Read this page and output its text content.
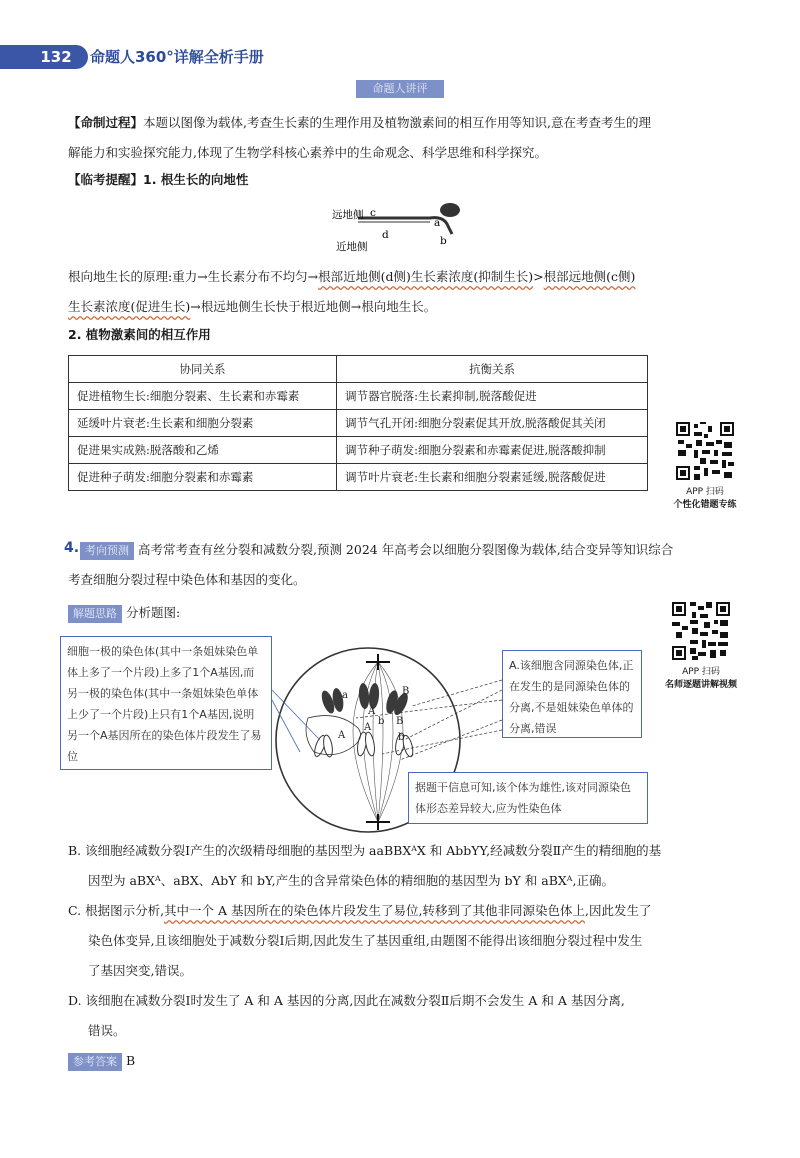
132	命题人360°详解全析手册
命题人讲评
【命制过程】本题以图像为载体,考查生长素的生理作用及植物激素间的相互作用等知识,意在考查考生的理
解能力和实验探究能力,体现了生物学科核心素养中的生命观念、科学思维和科学探究。
【临考提醒】1. 根生长的向地性
远地侧 c
近地侧
d
a
b
根向地生长的原理:重力→生长素分布不均匀→根部近地侧(d侧)生长素浓度(抑制生长)>根部远地侧(c侧)
生长素浓度(促进生长)→根远地侧生长快于根近地侧→根向地生长。
2. 植物激素间的相互作用
协同关系	抗衡关系
促进植物生长:细胞分裂素、生长素和赤霉素	调节器官脱落:生长素抑制,脱落酸促进
延缓叶片衰老:生长素和细胞分裂素	调节气孔开闭:细胞分裂素促其开放,脱落酸促其关闭
促进果实成熟:脱落酸和乙烯	调节种子萌发:细胞分裂素和赤霉素促进,脱落酸抑制
促进种子萌发:细胞分裂素和赤霉素	调节叶片衰老:生长素和细胞分裂素延缓,脱落酸促进
APP 扫码
个性化错题专练
4. 考向预测 高考常考查有丝分裂和减数分裂,预测 2024 年高考会以细胞分裂图像为载体,结合变异等知识综合
考查细胞分裂过程中染色体和基因的变化。
解题思路 分析题图:
APP 扫码
名师逐题讲解视频
a
A
B
B
b
b
A
A
细胞一极的染色体(其中一条姐妹染色单体上多了一个片段)上多了1个A基因,而另一极的染色体(其中一条姐妹染色单体上少了一个片段)上只有1个A基因,说明另一个A基因所在的染色体片段发生了易位
A.该细胞含同源染色体,正在发生的是同源染色体的分离,不是姐妹染色单体的分离,错误
据题干信息可知,该个体为雄性,该对同源染色体形态差异较大,应为性染色体
B. 该细胞经减数分裂Ⅰ产生的次级精母细胞的基因型为 aaBBXᴬX 和 AbbYY,经减数分裂Ⅱ产生的精细胞的基
因型为 aBXᴬ、aBX、AbY 和 bY,产生的含异常染色体的精细胞的基因型为 bY 和 aBXᴬ,正确。
C. 根据图示分析,其中一个 A 基因所在的染色体片段发生了易位,转移到了其他非同源染色体上,因此发生了
染色体变异,且该细胞处于减数分裂Ⅰ后期,因此发生了基因重组,由题图不能得出该细胞分裂过程中发生
了基因突变,错误。
D. 该细胞在减数分裂Ⅰ时发生了 A 和 A 基因的分离,因此在减数分裂Ⅱ后期不会发生 A 和 A 基因分离,
错误。
参考答案 B
